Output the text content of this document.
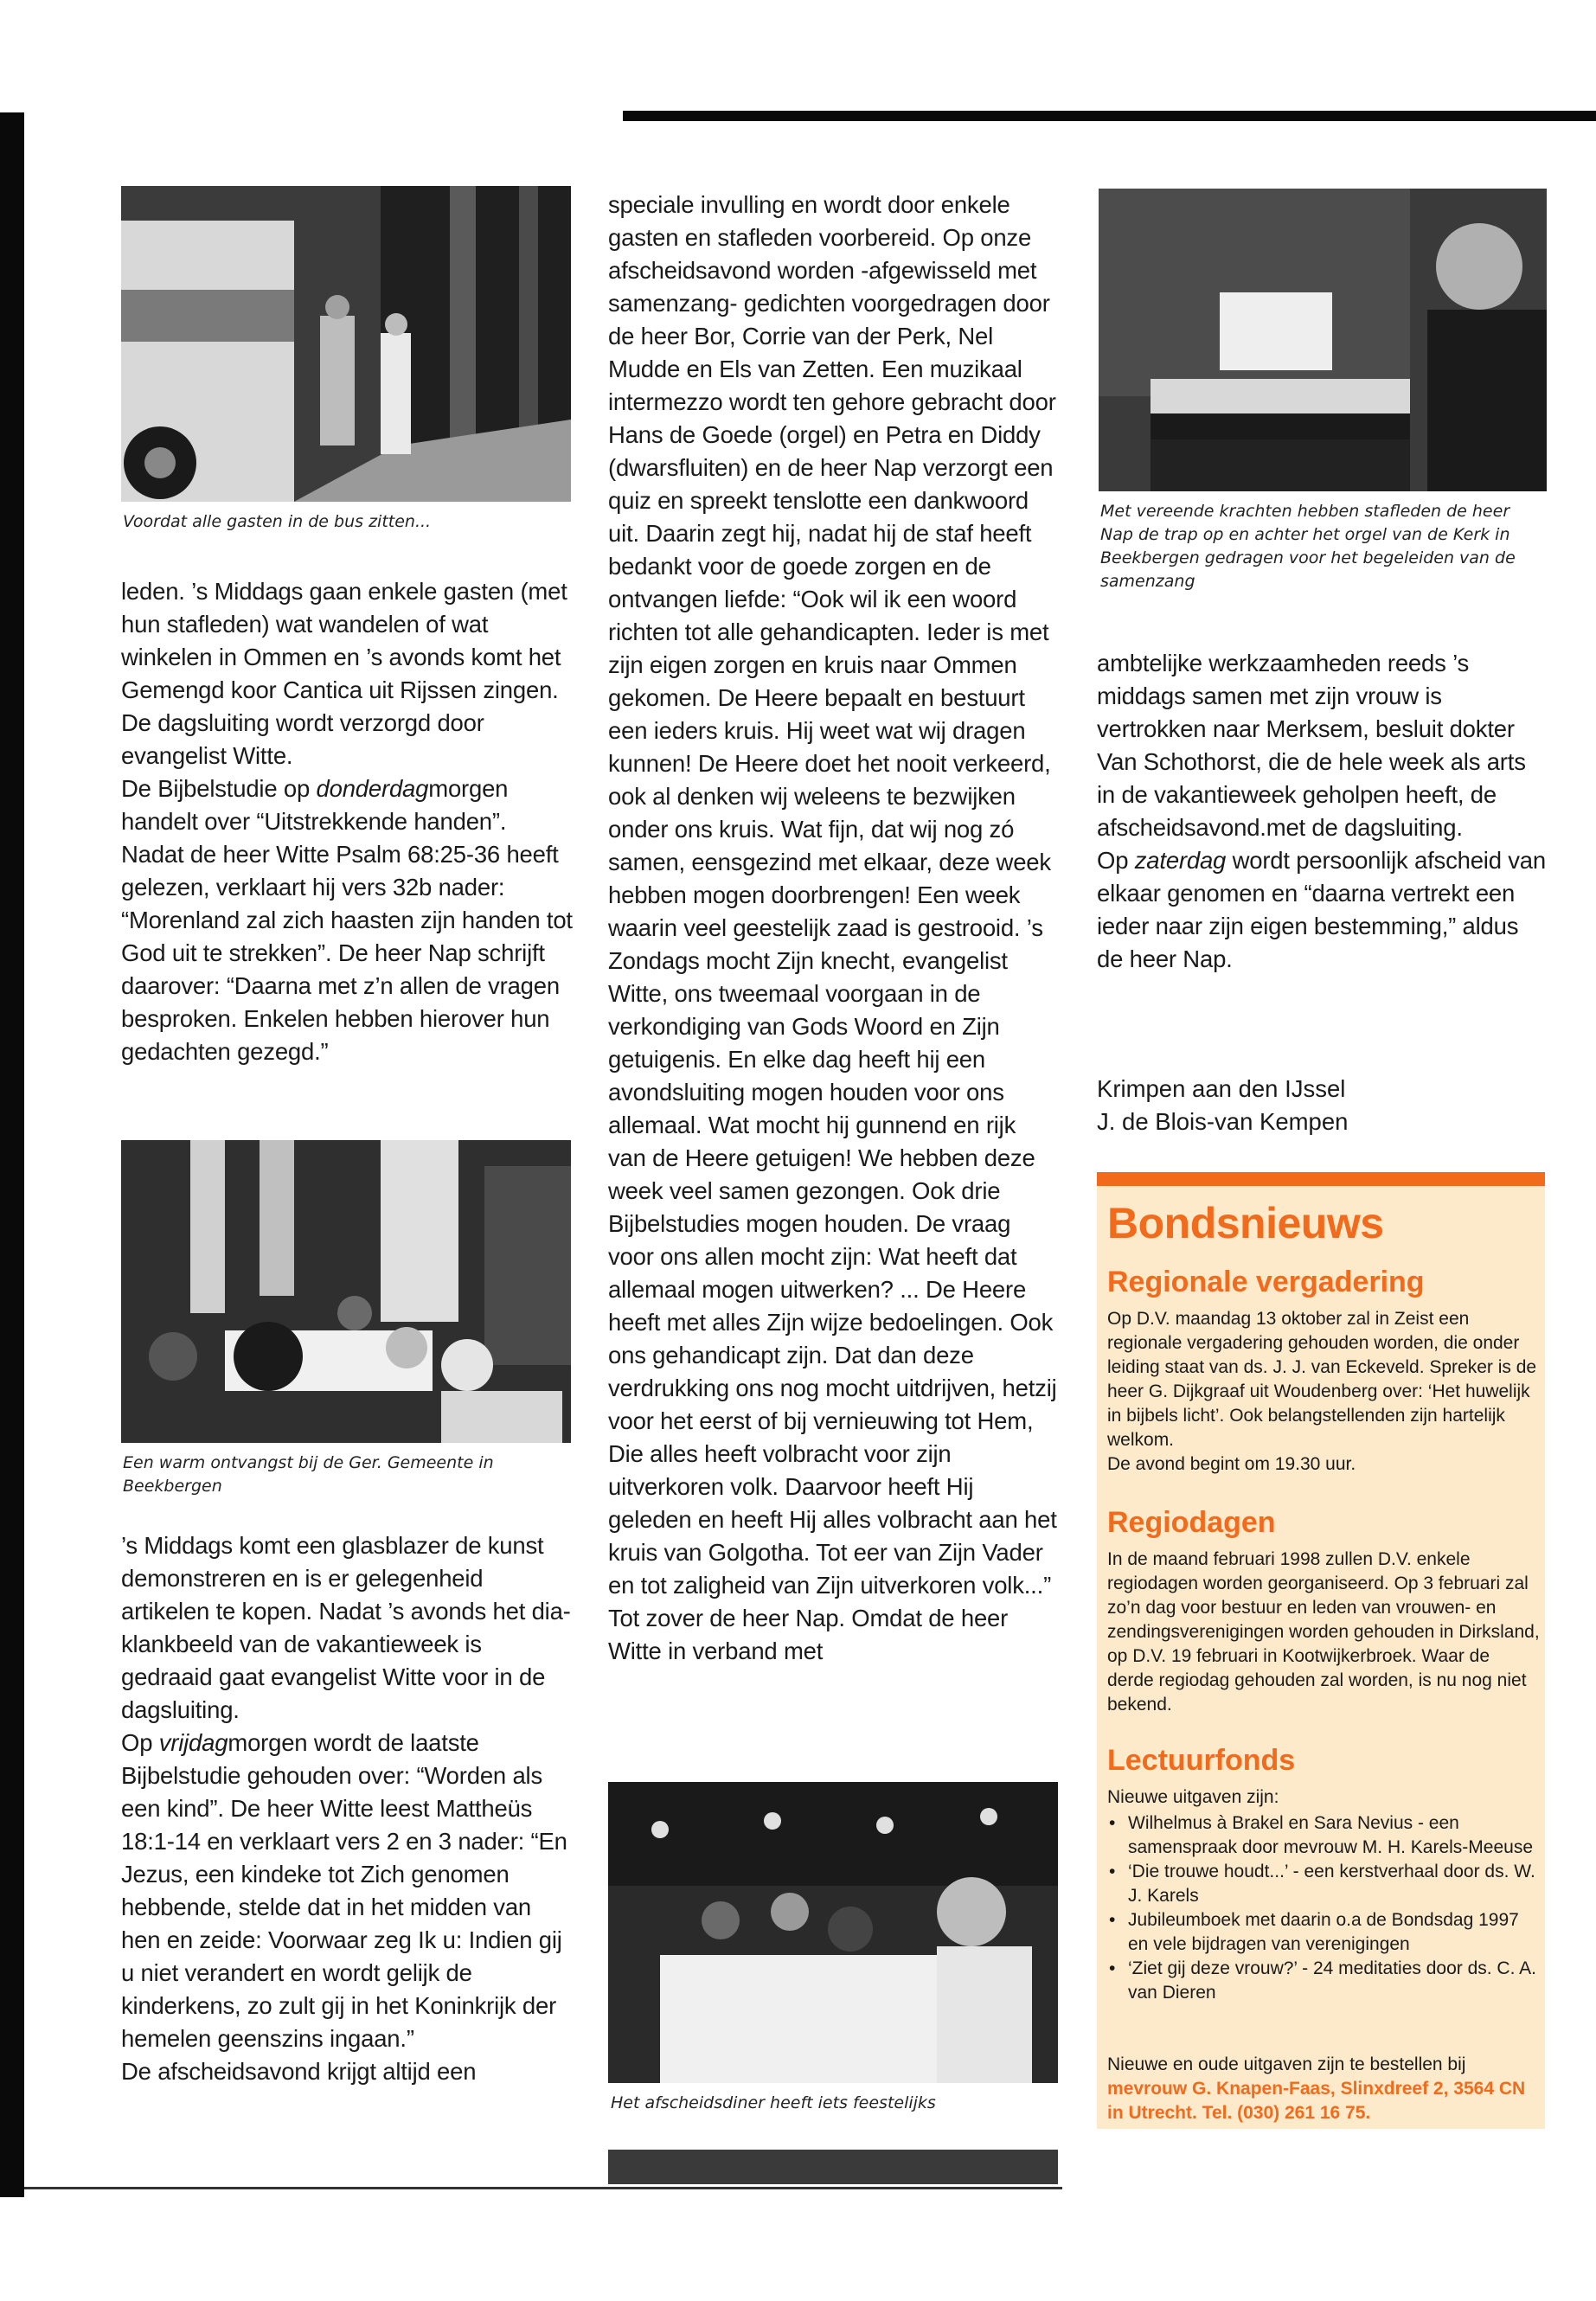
Voordat alle gasten in de bus zitten...

leden. ’s Middags gaan enkele gasten (met hun stafleden) wat wandelen of wat winkelen in Ommen en ’s avonds komt het Gemengd koor Cantica uit Rijssen zingen. De dagsluiting wordt verzorgd door evangelist Witte.

De Bijbelstudie op donderdagmorgen handelt over “Uitstrekkende handen”. Nadat de heer Witte Psalm 68:25-36 heeft gelezen, verklaart hij vers 32b nader: “Morenland zal zich haasten zijn handen tot God uit te strekken”. De heer Nap schrijft daarover: “Daarna met z’n allen de vragen besproken. Enkelen hebben hierover hun gedachten gezegd.”

Een warm ontvangst bij de Ger. Gemeente in Beekbergen

’s Middags komt een glasblazer de kunst demonstreren en is er gelegenheid artikelen te kopen. Nadat ’s avonds het dia-klankbeeld van de vakantieweek is gedraaid gaat evangelist Witte voor in de dagsluiting.

Op vrijdagmorgen wordt de laatste Bijbelstudie gehouden over: “Worden als een kind”. De heer Witte leest Mattheüs 18:1-14 en verklaart vers 2 en 3 nader: “En Jezus, een kindeke tot Zich genomen hebbende, stelde dat in het midden van hen en zeide: Voorwaar zeg Ik u: Indien gij u niet verandert en wordt gelijk de kinderkens, zo zult gij in het Koninkrijk der hemelen geenszins ingaan.”

De afscheidsavond krijgt altijd een

speciale invulling en wordt door enkele gasten en stafleden voorbereid. Op onze afscheidsavond worden -afgewisseld met samenzang- gedichten voorgedragen door de heer Bor, Corrie van der Perk, Nel Mudde en Els van Zetten. Een muzikaal intermezzo wordt ten gehore gebracht door Hans de Goede (orgel) en Petra en Diddy (dwarsfluiten) en de heer Nap verzorgt een quiz en spreekt tenslotte een dankwoord uit. Daarin zegt hij, nadat hij de staf heeft bedankt voor de goede zorgen en de ontvangen liefde: “Ook wil ik een woord richten tot alle gehandicapten. Ieder is met zijn eigen zorgen en kruis naar Ommen gekomen. De Heere bepaalt en bestuurt een ieders kruis. Hij weet wat wij dragen kunnen! De Heere doet het nooit verkeerd, ook al denken wij weleens te bezwijken onder ons kruis. Wat fijn, dat wij nog zó samen, eensgezind met elkaar, deze week hebben mogen doorbrengen! Een week waarin veel geestelijk zaad is gestrooid. ’s Zondags mocht Zijn knecht, evangelist Witte, ons tweemaal voorgaan in de verkondiging van Gods Woord en Zijn getuigenis. En elke dag heeft hij een avondsluiting mogen houden voor ons allemaal. Wat mocht hij gunnend en rijk van de Heere getuigen! We hebben deze week veel samen gezongen. Ook drie Bijbelstudies mogen houden. De vraag voor ons allen mocht zijn: Wat heeft dat allemaal mogen uitwerken? ... De Heere heeft met alles Zijn wijze bedoelingen. Ook ons gehandicapt zijn. Dat dan deze verdrukking ons nog mocht uitdrijven, hetzij voor het eerst of bij vernieuwing tot Hem, Die alles heeft volbracht voor zijn uitverkoren volk. Daarvoor heeft Hij geleden en heeft Hij alles volbracht aan het kruis van Golgotha. Tot eer van Zijn Vader en tot zaligheid van Zijn uitverkoren volk...” Tot zover de heer Nap. Omdat de heer Witte in verband met

Het afscheidsdiner heeft iets feestelijks
Met vereende krachten hebben stafleden de heer Nap de trap op en achter het orgel van de Kerk in Beekbergen gedragen voor het begeleiden van de samenzang

ambtelijke werkzaamheden reeds ’s middags samen met zijn vrouw is vertrokken naar Merksem, besluit dokter Van Schothorst, die de hele week als arts in de vakantieweek geholpen heeft, de afscheidsavond.met de dagsluiting.

Op zaterdag wordt persoonlijk afscheid van elkaar genomen en “daarna vertrekt een ieder naar zijn eigen bestemming,” aldus de heer Nap.

Krimpen aan den IJssel
J. de Blois-van Kempen
Bondsnieuws
Regionale vergadering
Op D.V. maandag 13 oktober zal in Zeist een regionale vergadering gehouden worden, die onder leiding staat van ds. J. J. van Eckeveld. Spreker is de heer G. Dijkgraaf uit Woudenberg over: ‘Het huwelijk in bijbels licht’. Ook belangstellenden zijn hartelijk welkom.
De avond begint om 19.30 uur.
Regiodagen
In de maand februari 1998 zullen D.V. enkele regiodagen worden georganiseerd. Op 3 februari zal zo’n dag voor bestuur en leden van vrouwen- en zendingsverenigingen worden gehouden in Dirksland, op D.V. 19 februari in Kootwijkerbroek. Waar de derde regiodag gehouden zal worden, is nu nog niet bekend.
Lectuurfonds
Nieuwe uitgaven zijn:
• Wilhelmus à Brakel en Sara Nevius - een samenspraak door mevrouw M. H. Karels-Meeuse
• ‘Die trouwe houdt...’ - een kerstverhaal door ds. W. J. Karels
• Jubileumboek met daarin o.a de Bondsdag 1997 en vele bijdragen van verenigingen
• ‘Ziet gij deze vrouw?’ - 24 meditaties door ds. C. A. van Dieren
Nieuwe en oude uitgaven zijn te bestellen bij mevrouw G. Knapen-Faas, Slinxdreef 2, 3564 CN in Utrecht. Tel. (030) 261 16 75.
